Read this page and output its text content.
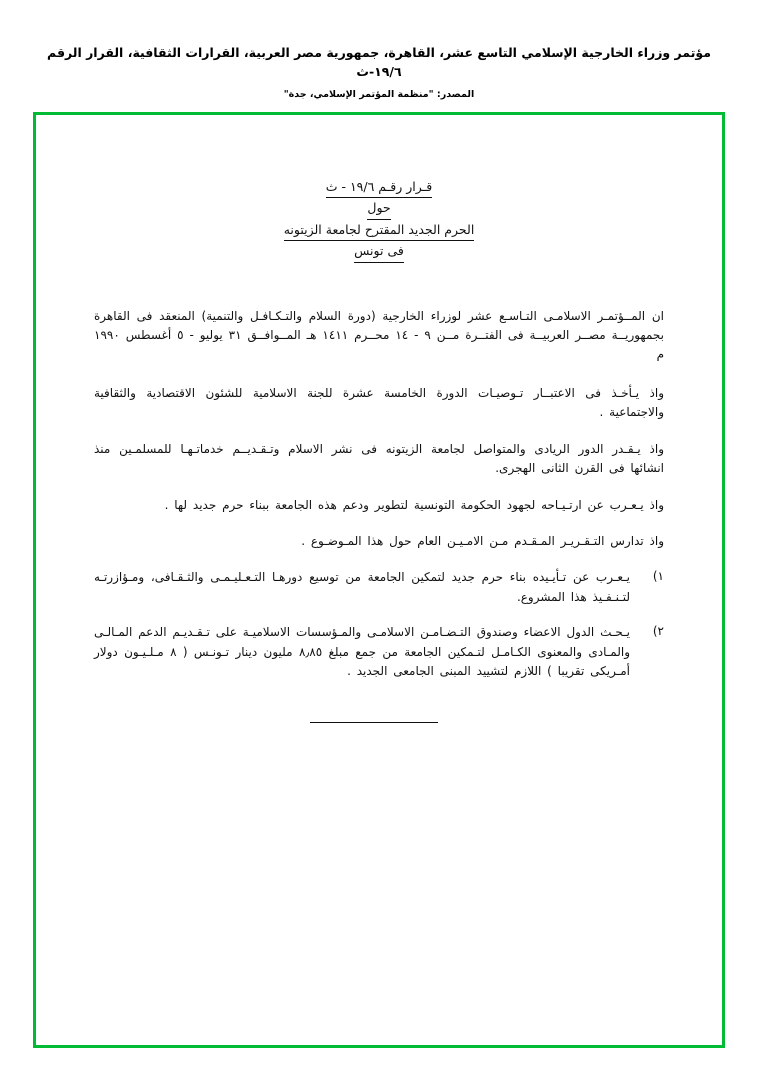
مؤتمر وزراء الخارجية الإسلامي التاسع عشر، القاهرة، جمهورية مصر العربية، القرارات الثقافية، القرار الرقم ١٩/٦-ث
المصدر: "منظمة المؤتمر الإسلامي، جدة"
قـرار رقـم ١٩/٦ - ث
حول
الحرم الجديد المقترح لجامعة الزيتونه
فى تونس

ان المــؤتمـر الاسلامـى التـاسـع عشر لوزراء الخارجية (دورة السلام والتـكـافـل والتنمية) المنعقد فى القاهرة بجمهوريــة مصــر العربيــة فى الفتــرة مــن ٩ - ١٤ محــرم ١٤١١ هـ المــوافــق ٣١ يوليو - ٥ أغسطس ١٩٩٠ م

واذ يـأخـذ فى الاعتبــار تـوصيـات الدورة الخامسة عشرة للجنة الاسلامية للشئون الاقتصادية والثقافية والاجتماعية .

واذ يـقـدر الدور الريادى والمتواصل لجامعة الزيتونه فى نشر الاسلام وتـقـديــم خدماتـهـا للمسلمـين منذ انشائها فى القرن الثانى الهجرى.

واذ يـعـرب عن ارتـيـاحه لجهود الحكومة التونسية لتطوير ودعم هذه الجامعة ببناء حرم جديد لها .

واذ تدارس التـقـريـر المـقـدم مـن الامـيـن العام حول هذا المـوضـوع .

١)
يـعـرب عن تـأيـيده بناء حرم جديد لتمكين الجامعة من توسيع دورهـا التـعـليـمـى والثـقـافى، ومـؤازرتـه لتـنـفـيذ هذا المشروع.
٢)
يـحـث الدول الاعضاء وصندوق التـضـامـن الاسلامـى والمـؤسسات الاسلاميـة على تـقـديـم الدعم المـالـى والمـادى والمعنوى الكـامـل لتـمكين الجامعة من جمع مبلغ ٨٫٨٥ مليون دينار تـونـس ( ٨ مـلـيـون دولار أمـريكى تقريبا ) اللازم لتشييد المبنى الجامعى الجديد .
